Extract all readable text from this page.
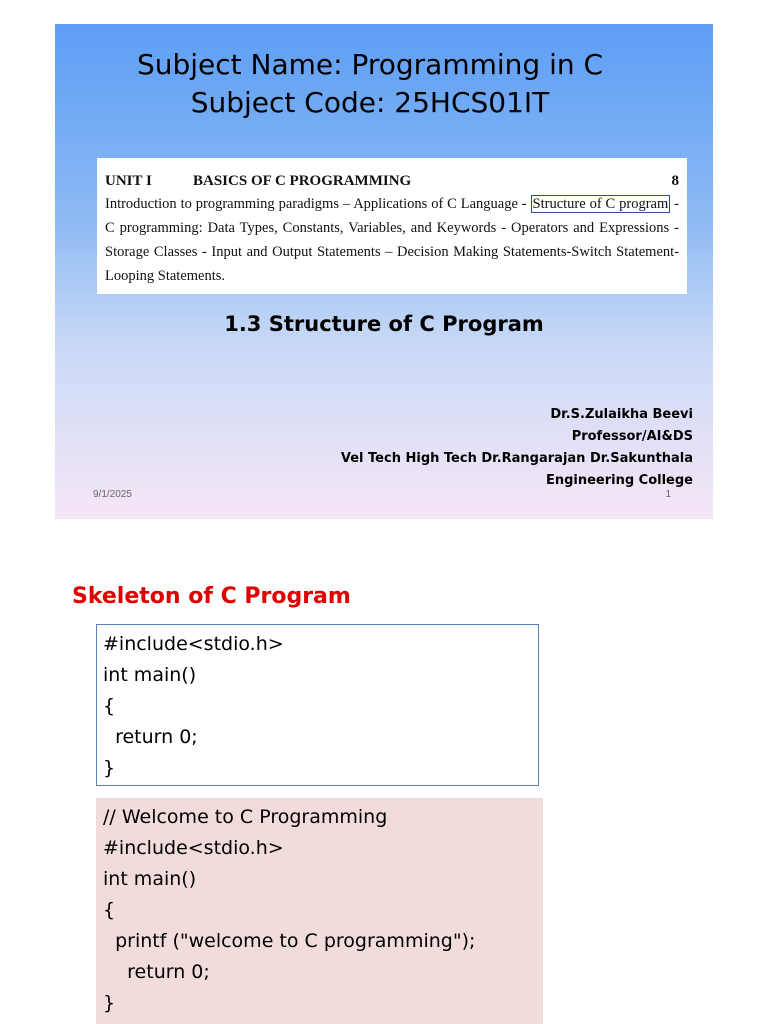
Subject Name: Programming in C
Subject Code: 25HCS01IT
UNIT I	BASICS OF C PROGRAMMING	8
Introduction to programming paradigms – Applications of C Language - Structure of C program - C programming: Data Types, Constants, Variables, and Keywords - Operators and Expressions - Storage Classes - Input and Output Statements – Decision Making Statements-Switch Statement- Looping Statements.
1.3 Structure of C Program
Dr.S.Zulaikha Beevi
Professor/AI&DS
Vel Tech High Tech Dr.Rangarajan Dr.Sakunthala
Engineering College
9/1/2025	1
Skeleton of C Program
#include<stdio.h>
int main()
{
return 0;
}
// Welcome to C Programming
#include<stdio.h>
int main()
{
printf ("welcome to C programming");
return 0;
}
